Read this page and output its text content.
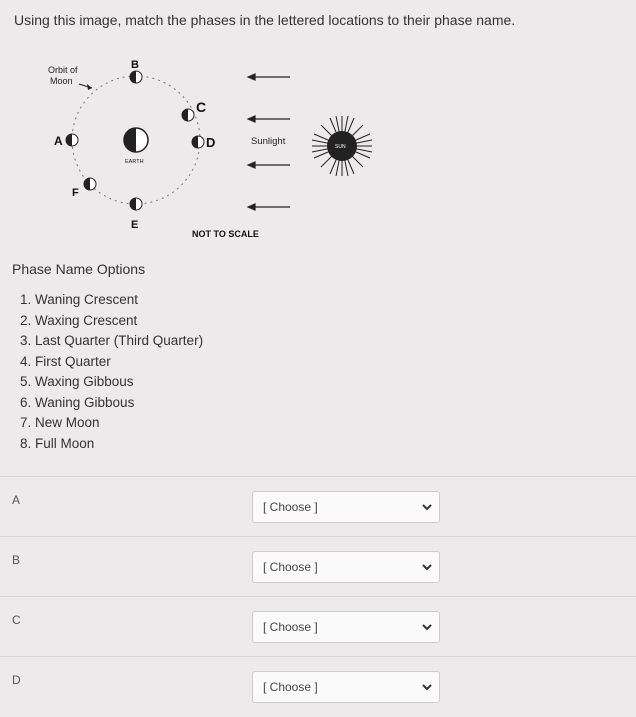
Using this image, match the phases in the lettered locations to their phase name.
Orbit of
Moon
EARTH
B
C
D
E
A
F
Sunlight	SUN
NOT TO SCALE
Phase Name Options
1. Waning Crescent
2. Waxing Crescent
3. Last Quarter (Third Quarter)
4. First Quarter
5. Waxing Gibbous
6. Waning Gibbous
7. New Moon
8. Full Moon
A	[ Choose ]
B	[ Choose ]
C	[ Choose ]
D	[ Choose ]
